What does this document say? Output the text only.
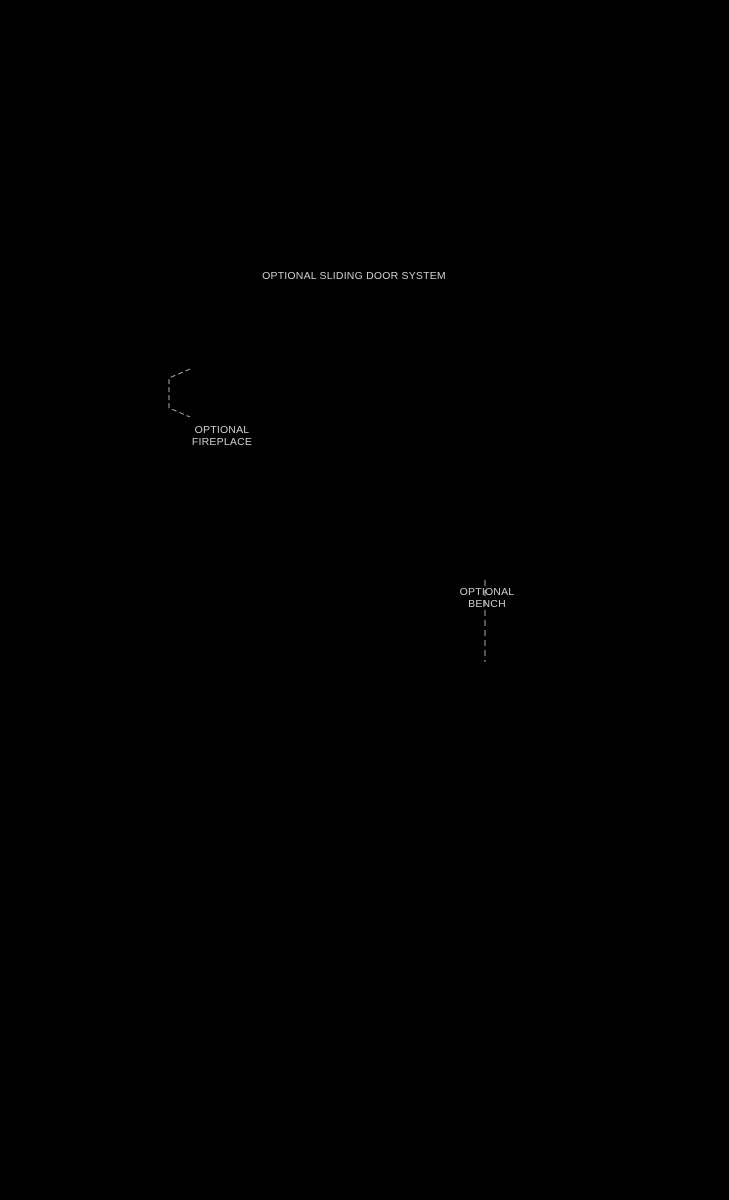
OPTIONAL SLIDING DOOR SYSTEM
OPTIONAL
FIREPLACE
OPTIONAL
BENCH
